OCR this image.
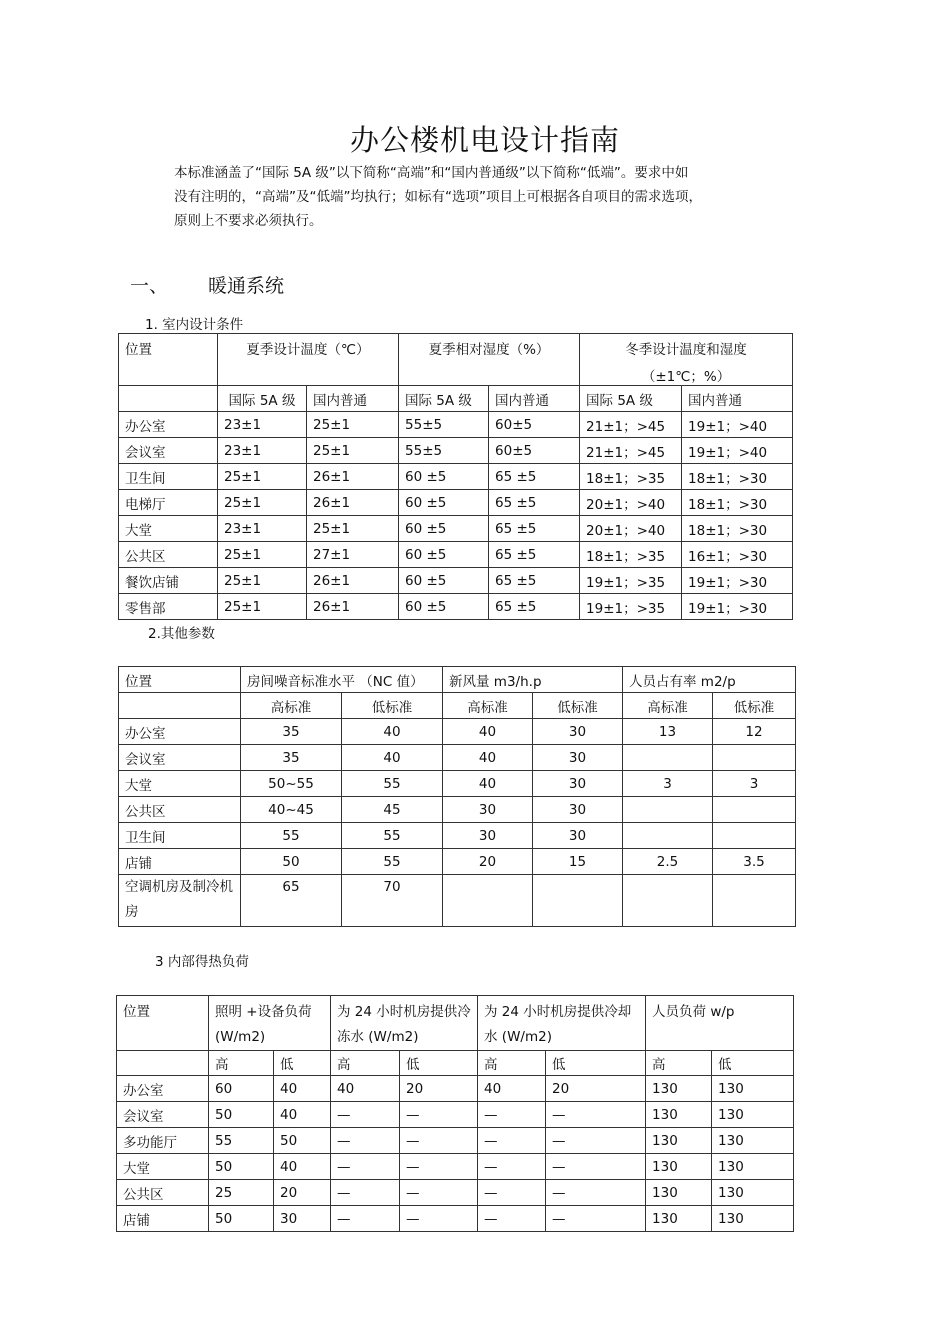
办公楼机电设计指南
本标准涵盖了“国际 5A 级”以下简称“高端”和“国内普通级”以下简称“低端”。要求中如
没有注明的，“高端”及“低端”均执行；如标有“选项”项目上可根据各自项目的需求选项，
原则上不要求必须执行。
一、 暖通系统
1. 室内设计条件
位置	夏季设计温度（℃）		夏季相对湿度（%）		冬季设计温度和湿度
（±1℃；%）	

	国际 5A 级	国内普通	国际 5A 级	国内普通	国际 5A 级	国内普通
办公室	23±1	25±1	55±5	60±5	21±1；>45	19±1；>40
会议室	23±1	25±1	55±5	60±5	21±1；>45	19±1；>40
卫生间	25±1	26±1	60 ±5	65 ±5	18±1；>35	18±1；>30
电梯厅	25±1	26±1	60 ±5	65 ±5	20±1；>40	18±1；>30
大堂	23±1	25±1	60 ±5	65 ±5	20±1；>40	18±1；>30
公共区	25±1	27±1	60 ±5	65 ±5	18±1；>35	16±1；>30
餐饮店铺	25±1	26±1	60 ±5	65 ±5	19±1；>35	19±1；>30
零售部	25±1	26±1	60 ±5	65 ±5	19±1；>35	19±1；>30
2.其他参数
位置	房间噪音标准水平 （NC 值）		新风量 m3/h.p		人员占有率 m2/p	
	高标准	低标准	高标准	低标准	高标准	低标准
办公室	35	40	40	30	13	12
会议室	35	40	40	30		
大堂	50~55	55	40	30	3	3
公共区	40~45	45	30	30		
卫生间	55	55	30	30		
店铺	50	55	20	15	2.5	3.5
空调机房及制冷机房	65	70				
3 内部得热负荷
位置	照明 +设备负荷(W/m2)		为 24 小时机房提供冷冻水 (W/m2)		为 24 小时机房提供冷却水 (W/m2)		人员负荷 w/p	
	高	低	高	低	高	低	高	低
办公室	60	40	40	20	40	20	130	130
会议室	50	40	—	—	—	—	130	130
多功能厅	55	50	—	—	—	—	130	130
大堂	50	40	—	—	—	—	130	130
公共区	25	20	—	—	—	—	130	130
店铺	50	30	—	—	—	—	130	130
